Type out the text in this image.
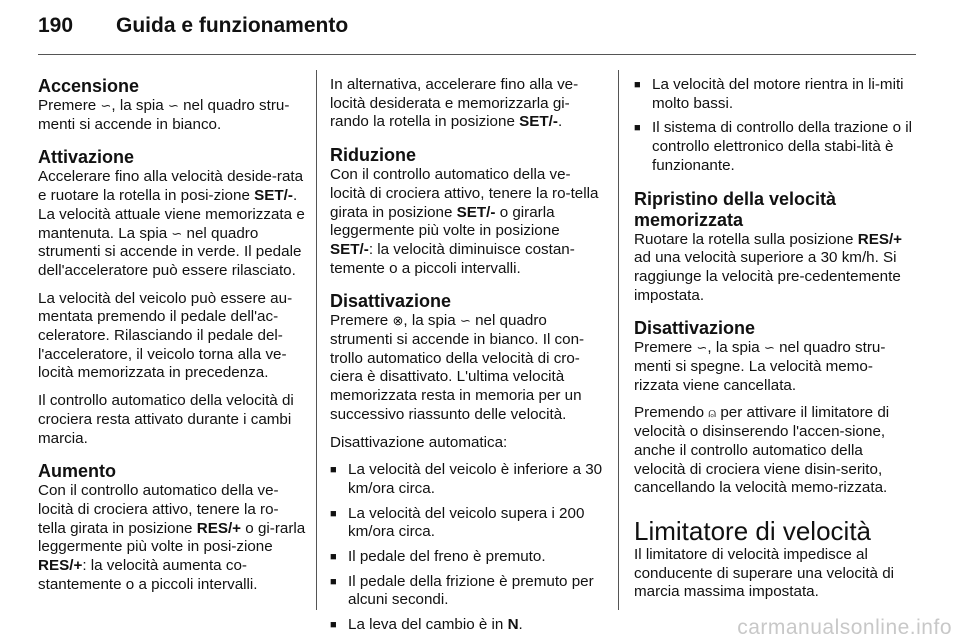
190 Guida e funzionamento
Accensione

Premere ∽, la spia ∽ nel quadro stru-menti si accende in bianco.

Attivazione

Accelerare fino alla velocità deside-rata e ruotare la rotella in posi-zione SET/-. La velocità attuale viene memorizzata e mantenuta. La spia ∽ nel quadro strumenti si accende in verde. Il pedale dell'acceleratore può essere rilasciato.

La velocità del veicolo può essere au-mentata premendo il pedale dell'ac-celeratore. Rilasciando il pedale del-l'acceleratore, il veicolo torna alla ve-locità memorizzata in precedenza.

Il controllo automatico della velocità di crociera resta attivato durante i cambi marcia.

Aumento

Con il controllo automatico della ve-locità di crociera attivo, tenere la ro-tella girata in posizione RES/+ o gi-rarla leggermente più volte in posi-zione RES/+: la velocità aumenta co-stantemente o a piccoli intervalli.

In alternativa, accelerare fino alla ve-locità desiderata e memorizzarla gi-rando la rotella in posizione SET/-.

Riduzione

Con il controllo automatico della ve-locità di crociera attivo, tenere la ro-tella girata in posizione SET/- o girarla leggermente più volte in posizione SET/-: la velocità diminuisce costan-temente o a piccoli intervalli.

Disattivazione

Premere ⊗, la spia ∽ nel quadro strumenti si accende in bianco. Il con-trollo automatico della velocità di cro-ciera è disattivato. L'ultima velocità memorizzata resta in memoria per un successivo riassunto delle velocità.

Disattivazione automatica:

■ La velocità del veicolo è inferiore a 30 km/ora circa.
■ La velocità del veicolo supera i 200 km/ora circa.
■ Il pedale del freno è premuto.
■ Il pedale della frizione è premuto per alcuni secondi.
■ La leva del cambio è in N.
■ La velocità del motore rientra in li-miti molto bassi.
■ Il sistema di controllo della trazione o il controllo elettronico della stabi-lità è funzionante.
Ripristino della velocità memorizzata

Ruotare la rotella sulla posizione RES/+ ad una velocità superiore a 30 km/h. Si raggiunge la velocità pre-cedentemente impostata.

Disattivazione

Premere ∽, la spia ∽ nel quadro stru-menti si spegne. La velocità memo-rizzata viene cancellata.

Premendo ⍝ per attivare il limitatore di velocità o disinserendo l'accen-sione, anche il controllo automatico della velocità di crociera viene disin-serito, cancellando la velocità memo-rizzata.

Limitatore di velocità

Il limitatore di velocità impedisce al conducente di superare una velocità di marcia massima impostata.

carmanualsonline.info
